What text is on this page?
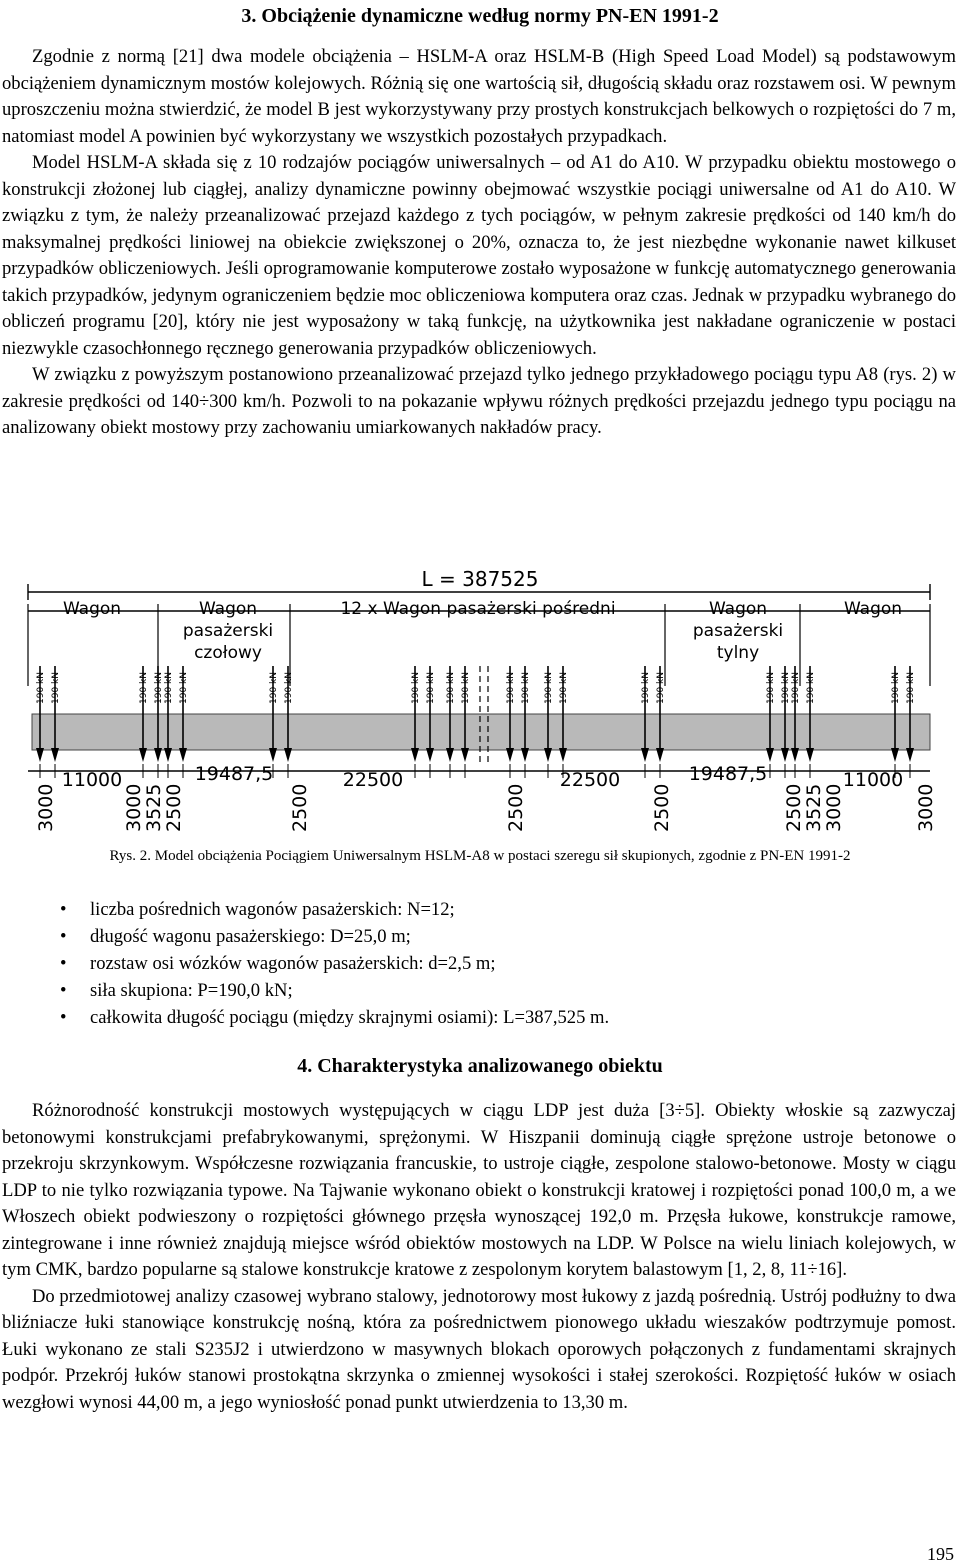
3. Obciążenie dynamiczne według normy PN-EN 1991-2

Zgodnie z normą [21] dwa modele obciążenia – HSLM-A oraz HSLM-B (High Speed Load Model) są podstawowym obciążeniem dynamicznym mostów kolejowych. Różnią się one wartością sił, długością składu oraz rozstawem osi. W pewnym uproszczeniu można stwierdzić, że model B jest wykorzystywany przy prostych konstrukcjach belkowych o rozpiętości do 7 m, natomiast model A powinien być wykorzystany we wszystkich pozostałych przypadkach.

Model HSLM-A składa się z 10 rodzajów pociągów uniwersalnych – od A1 do A10. W przypadku obiektu mostowego o konstrukcji złożonej lub ciągłej, analizy dynamiczne powinny obejmować wszystkie pociągi uniwersalne od A1 do A10. W związku z tym, że należy przeanalizować przejazd każdego z tych pociągów, w pełnym zakresie prędkości od 140 km/h do maksymalnej prędkości liniowej na obiekcie zwiększonej o 20%, oznacza to, że jest niezbędne wykonanie nawet kilkuset przypadków obliczeniowych. Jeśli oprogramowanie komputerowe zostało wyposażone w funkcję automatycznego generowania takich przypadków, jedynym ograniczeniem będzie moc obliczeniowa komputera oraz czas. Jednak w przypadku wybranego do obliczeń programu [20], który nie jest wyposażony w taką funkcję, na użytkownika jest nakładane ograniczenie w postaci niezwykle czasochłonnego ręcznego generowania przypadków obliczeniowych.

W związku z powyższym postanowiono przeanalizować przejazd tylko jednego przykładowego pociągu typu A8 (rys. 2) w zakresie prędkości od 140÷300 km/h. Pozwoli to na pokazanie wpływu różnych prędkości przejazdu jednego typu pociągu na analizowany obiekt mostowy przy zachowaniu umiarkowanych nakładów pracy.

190 kN 190 kN	190 kN 190 kN 190 kN 190 kN	190 kN 190 kN	190 kN 190 kN 190 kN 190 kN	190 kN 190 kN 190 kN 190 kN	190 kN 190 kN	190 kN 190 kN 190 kN 190 kN	190 kN 190 kN
L = 387525
Wagon	Wagon
pasażerski
czołowy
12 x Wagon pasażerski pośredni	Wagon
pasażerski
tylny
Wagon
11000	19487,5	22500	22500	19487,5	11000
3000	3000
3525
2500	2500	2500	2500	2500
3525
3000	3000
Rys. 2. Model obciążenia Pociągiem Uniwersalnym HSLM-A8 w postaci szeregu sił skupionych, zgodnie z PN-EN 1991-2
• liczba pośrednich wagonów pasażerskich: N=12;
• długość wagonu pasażerskiego: D=25,0 m;
• rozstaw osi wózków wagonów pasażerskich: d=2,5 m;
• siła skupiona: P=190,0 kN;
• całkowita długość pociągu (między skrajnymi osiami): L=387,525 m.
4. Charakterystyka analizowanego obiektu

Różnorodność konstrukcji mostowych występujących w ciągu LDP jest duża [3÷5]. Obiekty włoskie są zazwyczaj betonowymi konstrukcjami prefabrykowanymi, sprężonymi. W Hiszpanii dominują ciągłe sprężone ustroje betonowe o przekroju skrzynkowym. Współczesne rozwiązania francuskie, to ustroje ciągłe, zespolone stalowo-betonowe. Mosty w ciągu LDP to nie tylko rozwiązania typowe. Na Tajwanie wykonano obiekt o konstrukcji kratowej i rozpiętości ponad 100,0 m, a we Włoszech obiekt podwieszony o rozpiętości głównego przęsła wynoszącej 192,0 m. Przęsła łukowe, konstrukcje ramowe, zintegrowane i inne również znajdują miejsce wśród obiektów mostowych na LDP. W Polsce na wielu liniach kolejowych, w tym CMK, bardzo popularne są stalowe konstrukcje kratowe z zespolonym korytem balastowym [1, 2, 8, 11÷16].

Do przedmiotowej analizy czasowej wybrano stalowy, jednotorowy most łukowy z jazdą pośrednią. Ustrój podłużny to dwa bliźniacze łuki stanowiące konstrukcję nośną, która za pośrednictwem pionowego układu wieszaków podtrzymuje pomost. Łuki wykonano ze stali S235J2 i utwierdzono w masywnych blokach oporowych połączonych z fundamentami skrajnych podpór. Przekrój łuków stanowi prostokątna skrzynka o zmiennej wysokości i stałej szerokości. Rozpiętość łuków w osiach wezgłowi wynosi 44,00 m, a jego wyniosłość ponad punkt utwierdzenia to 13,30 m.

195
